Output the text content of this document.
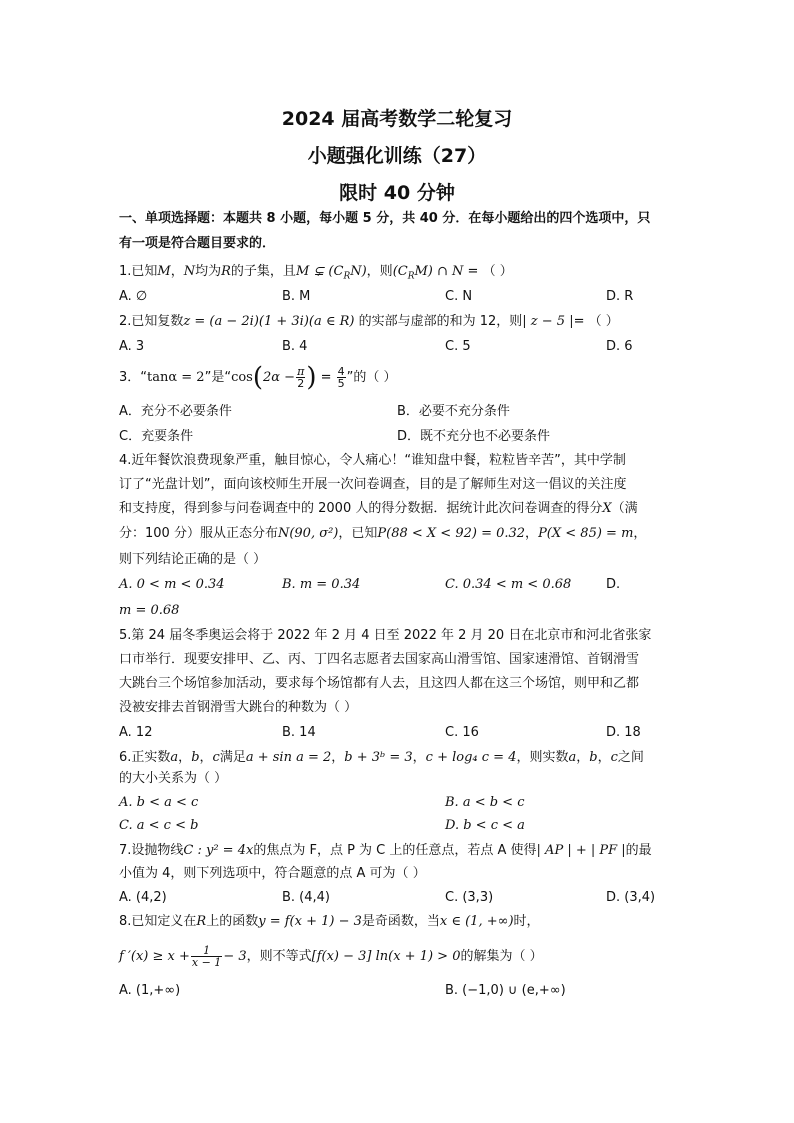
2024 届高考数学二轮复习
小题强化训练（27）
限时 40 分钟
一、单项选择题：本题共 8 小题，每小题 5 分，共 40 分．在每小题给出的四个选项中，只
有一项是符合题目要求的．
1.已知M，N均为R的子集，且M ⊊ $(C_RN)$，则$(C_RM)$ ∩ N = （ ）
A. ∅	B. M	C. N	D. R
2.已知复数z = (a − 2i)(1 + 3i)(a ∈ R) 的实部与虚部的和为 12，则| z − 5 |= （ ）
A. 3	B. 4	C. 5	D. 6
3．“tanα = 2”是“$\cos(2\alpha - \frac{\pi}{2}$ ) = $\frac{4}{5}$ ”的（ ）
A．充分不必要条件	B．必要不充分条件
C．充要条件	D．既不充分也不必要条件
4.近年餐饮浪费现象严重，触目惊心，令人痛心！“谁知盘中餐，粒粒皆辛苦”，其中学制
订了“光盘计划”，面向该校师生开展一次问卷调查，目的是了解师生对这一倡议的关注度
和支持度，得到参与问卷调查中的 2000 人的得分数据．据统计此次问卷调查的得分X（满
分：100 分）服从正态分布N(90, σ²)，已知P(88 < X < 92) = 0.32，P(X < 85) = m，
则下列结论正确的是（ ）
A. 0 < m < 0.34	B. m = 0.34	C. 0.34 < m < 0.68	D.
m = 0.68
5.第 24 届冬季奥运会将于 2022 年 2 月 4 日至 2022 年 2 月 20 日在北京市和河北省张家
口市举行．现要安排甲、乙、丙、丁四名志愿者去国家高山滑雪馆、国家速滑馆、首钢滑雪
大跳台三个场馆参加活动，要求每个场馆都有人去，且这四人都在这三个场馆，则甲和乙都
没被安排去首钢滑雪大跳台的种数为（ ）
A. 12	B. 14	C. 16	D. 18
6.正实数a，b，c满足a + sin a = 2，b + 3ᵇ = 3，c + log₄ c = 4，则实数a，b，c之间
的大小关系为（ ）
A. b < a < c	B. a < b < c
C. a < c < b	D. b < c < a
7.设抛物线C : y² = 4x的焦点为 F，点 P 为 C 上的任意点，若点 A 使得| AP | + | PF |的最
小值为 4，则下列选项中，符合题意的点 A 可为（ ）
A. (4,2)	B. (4,4)	C. (3,3)	D. (3,4)
8.已知定义在R上的函数y = f(x + 1) − 3是奇函数，当x ∈ (1, +∞)时，
f $'(x) \ge x + \frac{1}{x - 1} - 3$，则不等式[f(x) − 3] ln(x + 1) > 0的解集为（ ）
A. (1,+∞)	B. (−1,0) ∪ (e,+∞)
